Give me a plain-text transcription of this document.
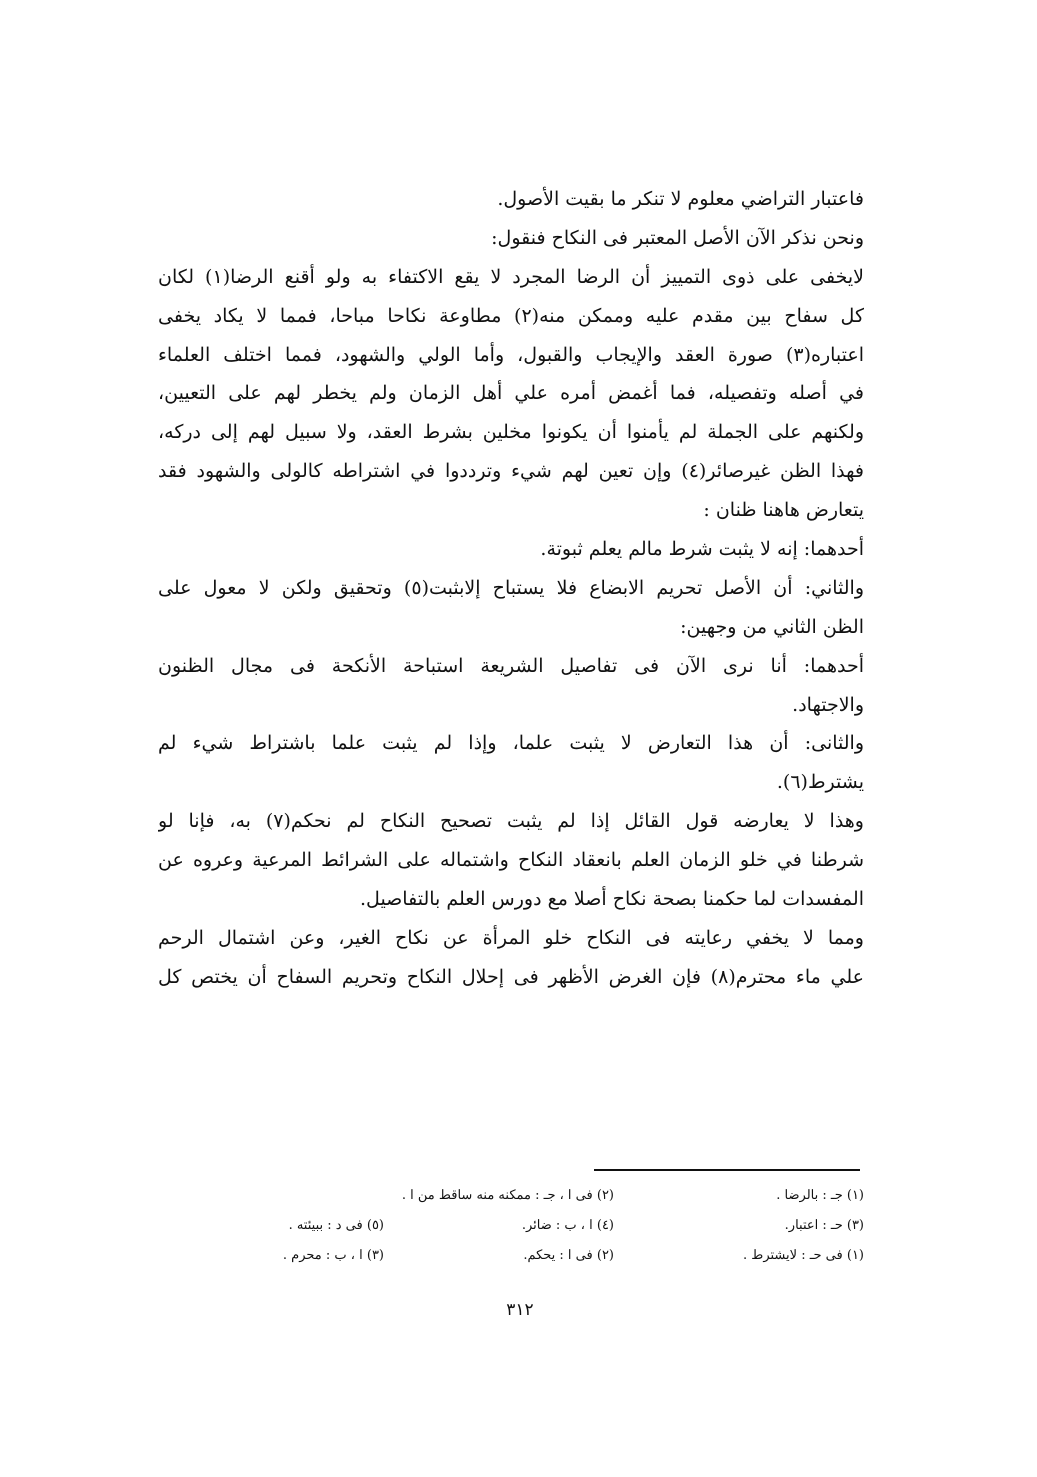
فاعتبار التراضي معلوم لا تنكر ما بقيت الأصول.
ونحن نذكر الآن الأصل المعتبر فى النكاح فنقول:
لايخفى على ذوى التمييز أن الرضا المجرد لا يقع الاكتفاء به ولو أقنع الرضا(١) لكان
كل سفاح بين مقدم عليه وممكن منه(٢) مطاوعة نكاحا مباحا، فمما لا يكاد يخفى
اعتباره(٣) صورة العقد والإيجاب والقبول، وأما الولي والشهود، فمما اختلف العلماء
في أصله وتفصيله، فما أغمض أمره علي أهل الزمان ولم يخطر لهم على التعيين،
ولكنهم على الجملة لم يأمنوا أن يكونوا مخلين بشرط العقد، ولا سبيل لهم إلى دركه،
فهذا الظن غيرصائر(٤) وإن تعين لهم شيء وترددوا في اشتراطه كالولى والشهود فقد
يتعارض هاهنا ظنان :
أحدهما: إنه لا يثبت شرط مالم يعلم ثبوتة.
والثاني: أن الأصل تحريم الابضاع فلا يستباح إلابثبت(٥) وتحقيق ولكن لا معول على
الظن الثاني من وجهين:
أحدهما: أنا نرى الآن فى تفاصيل الشريعة استباحة الأنكحة فى مجال الظنون
والاجتهاد.
والثانى: أن هذا التعارض لا يثبت علما، وإذا لم يثبت علما باشتراط شيء لم
يشترط(٦).
وهذا لا يعارضه قول القائل إذا لم يثبت تصحيح النكاح لم نحكم(٧) به، فإنا لو
شرطنا في خلو الزمان العلم بانعقاد النكاح واشتماله على الشرائط المرعية وعروه عن
المفسدات لما حكمنا بصحة نكاح أصلا مع دورس العلم بالتفاصيل.
ومما لا يخفي رعايته فى النكاح خلو المرأة عن نكاح الغير، وعن اشتمال الرحم
علي ماء محترم(٨) فإن الغرض الأظهر فى إحلال النكاح وتحريم السفاح أن يختص كل
(١) جـ : بالرضا .
(٢) فى ا ، جـ : ممكنه منه ساقط من ا .
(٣) حـ : اعتبار.
(٤) ا ، ب : ضائر.
(٥) فى د : ببيئته .
(١) فى حـ : لايشترط .
(٢) فى ا : يحكم.
(٣) ا ، ب : محرم .
٣١٢
